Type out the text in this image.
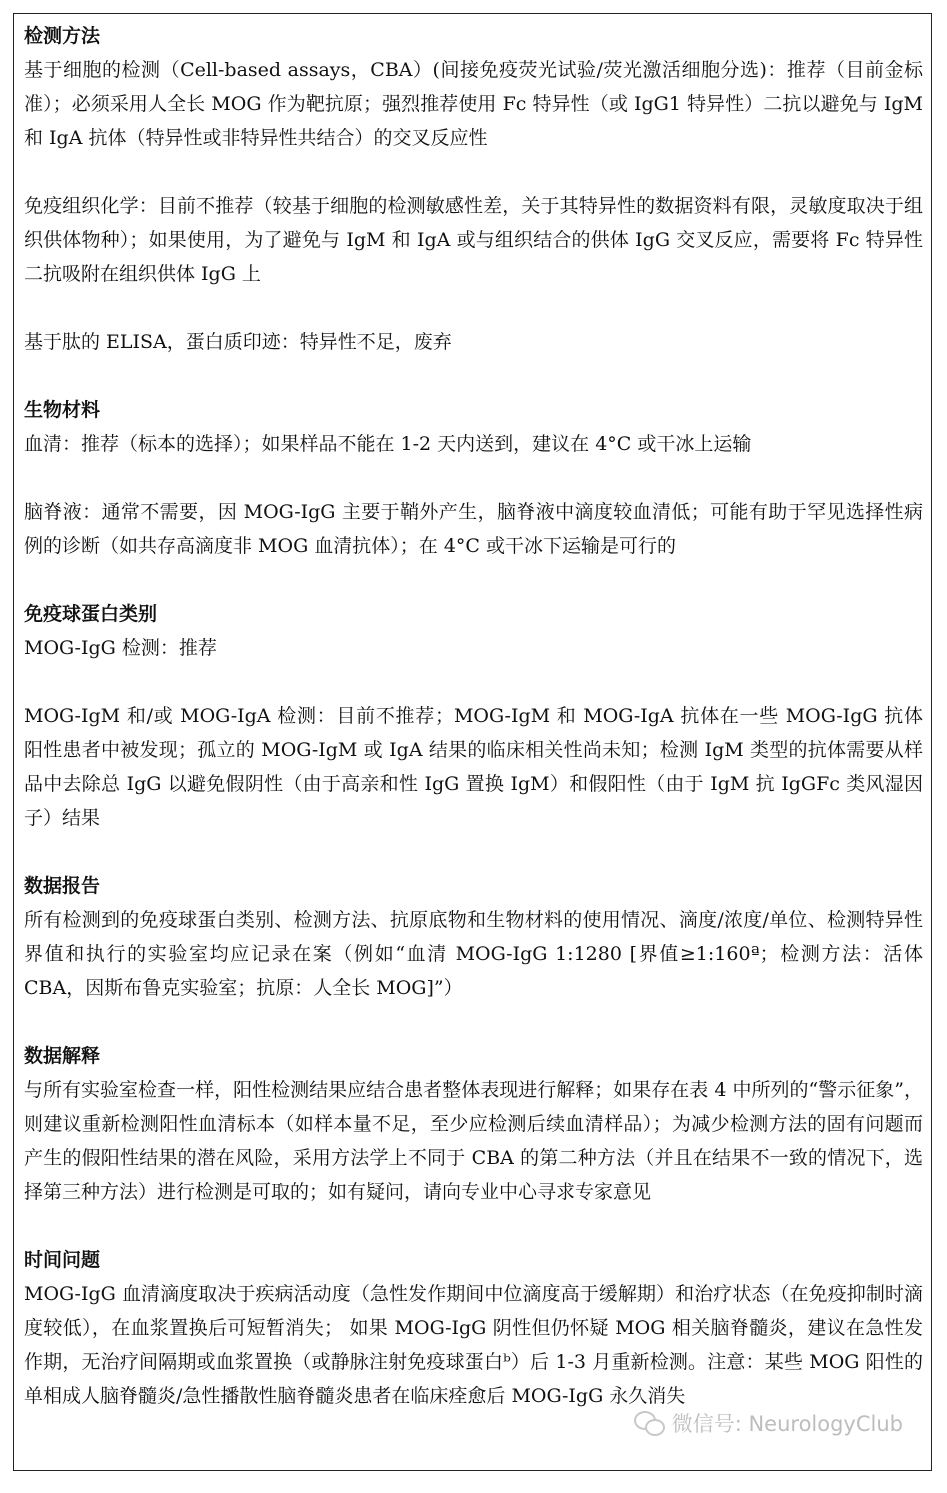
检测方法
基于细胞的检测（Cell-based assays，CBA）(间接免疫荧光试验/荧光激活细胞分选)：推荐（目前金标准）；必须采用人全长 MOG 作为靶抗原；强烈推荐使用 Fc 特异性（或 IgG1 特异性）二抗以避免与 IgM 和 IgA 抗体（特异性或非特异性共结合）的交叉反应性
免疫组织化学：目前不推荐（较基于细胞的检测敏感性差，关于其特异性的数据资料有限，灵敏度取决于组织供体物种）；如果使用，为了避免与 IgM 和 IgA 或与组织结合的供体 IgG 交叉反应，需要将 Fc 特异性二抗吸附在组织供体 IgG 上
基于肽的 ELISA，蛋白质印迹：特异性不足，废弃
生物材料
血清：推荐（标本的选择）；如果样品不能在 1-2 天内送到，建议在 4°C 或干冰上运输
脑脊液：通常不需要，因 MOG-IgG 主要于鞘外产生，脑脊液中滴度较血清低；可能有助于罕见选择性病例的诊断（如共存高滴度非 MOG 血清抗体）；在 4°C 或干冰下运输是可行的
免疫球蛋白类别
MOG-IgG 检测：推荐
MOG-IgM 和/或 MOG-IgA 检测：目前不推荐；MOG-IgM 和 MOG-IgA 抗体在一些 MOG-IgG 抗体阳性患者中被发现；孤立的 MOG-IgM 或 IgA 结果的临床相关性尚未知；检测 IgM 类型的抗体需要从样品中去除总 IgG 以避免假阴性（由于高亲和性 IgG 置换 IgM）和假阳性（由于 IgM 抗 IgGFc 类风湿因子）结果
数据报告
所有检测到的免疫球蛋白类别、检测方法、抗原底物和生物材料的使用情况、滴度/浓度/单位、检测特异性界值和执行的实验室均应记录在案（例如“血清 MOG-IgG 1:1280 [界值≥1:160ª；检测方法：活体 CBA，因斯布鲁克实验室；抗原：人全长 MOG]”）
数据解释
与所有实验室检查一样，阳性检测结果应结合患者整体表现进行解释；如果存在表 4 中所列的“警示征象”，则建议重新检测阳性血清标本（如样本量不足，至少应检测后续血清样品）；为减少检测方法的固有问题而产生的假阳性结果的潜在风险，采用方法学上不同于 CBA 的第二种方法（并且在结果不一致的情况下，选择第三种方法）进行检测是可取的；如有疑问，请向专业中心寻求专家意见
时间问题
MOG-IgG 血清滴度取决于疾病活动度（急性发作期间中位滴度高于缓解期）和治疗状态（在免疫抑制时滴度较低），在血浆置换后可短暂消失； 如果 MOG-IgG 阴性但仍怀疑 MOG 相关脑脊髓炎，建议在急性发作期，无治疗间隔期或血浆置换（或静脉注射免疫球蛋白ᵇ）后 1-3 月重新检测。注意：某些 MOG 阳性的单相成人脑脊髓炎/急性播散性脑脊髓炎患者在临床痊愈后 MOG-IgG 永久消失
微信号: NeurologyClub
